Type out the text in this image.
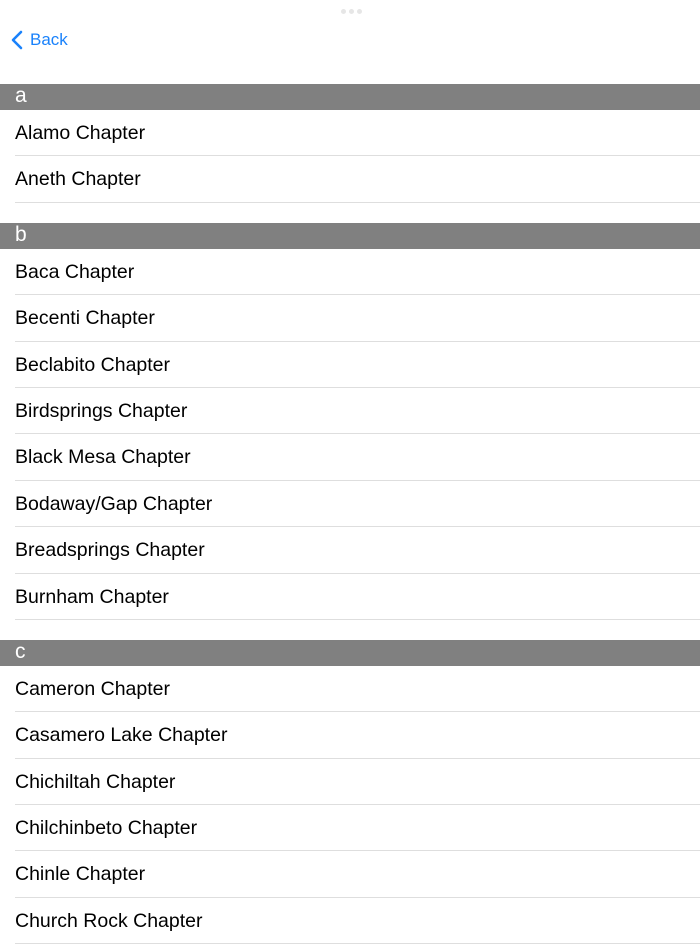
Back
a
Alamo Chapter
Aneth Chapter
b
Baca Chapter
Becenti Chapter
Beclabito Chapter
Birdsprings Chapter
Black Mesa Chapter
Bodaway/Gap Chapter
Breadsprings Chapter
Burnham Chapter
c
Cameron Chapter
Casamero Lake Chapter
Chichiltah Chapter
Chilchinbeto Chapter
Chinle Chapter
Church Rock Chapter
